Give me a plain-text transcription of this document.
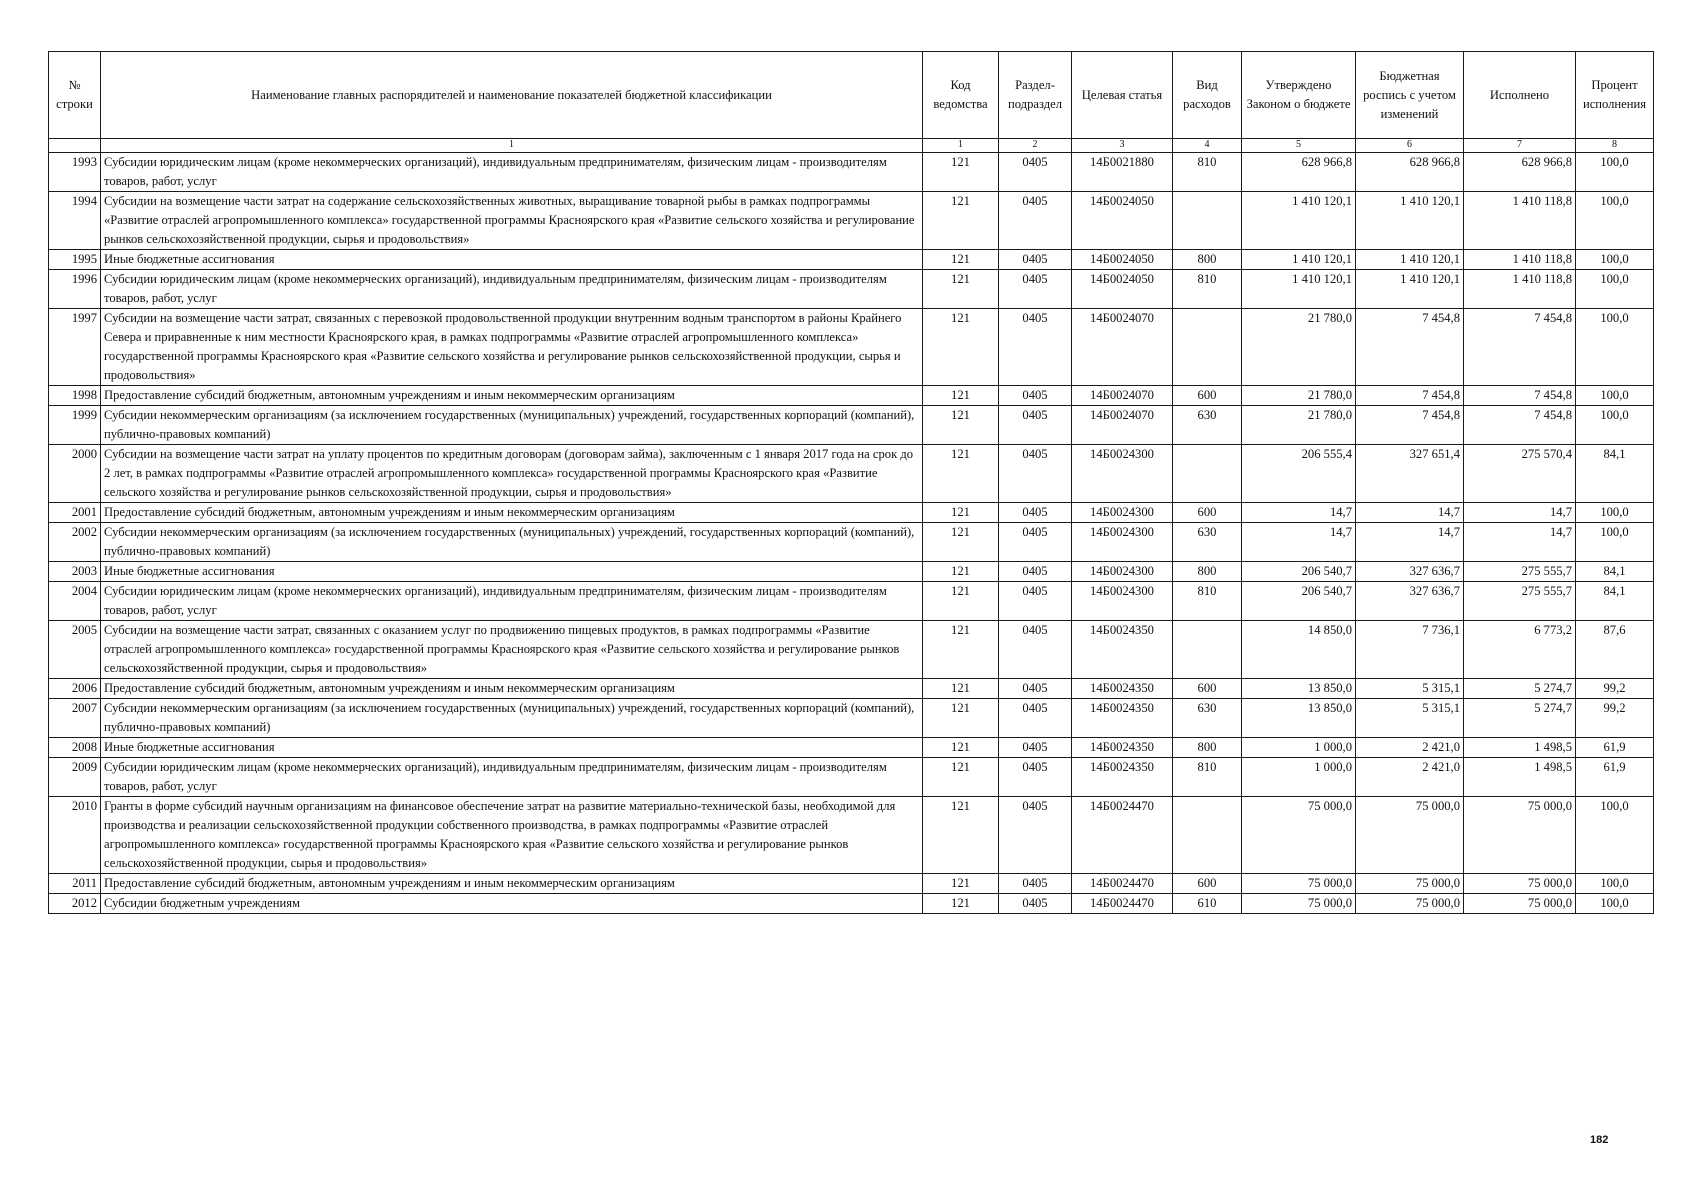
№ строки	Наименование главных распорядителей и наименование показателей бюджетной классификации	Код ведомства	Раздел-подраздел	Целевая статья	Вид расходов	Утверждено Законом о бюджете	Бюджетная роспись с учетом изменений	Исполнено	Процент исполнения
	1	1	2	3	4	5	6	7	8
1993	Субсидии юридическим лицам (кроме некоммерческих организаций), индивидуальным предпринимателям, физическим лицам - производителям товаров, работ, услуг	121	0405	14Б0021880	810	628 966,8	628 966,8	628 966,8	100,0
1994	Субсидии на возмещение части затрат на содержание сельскохозяйственных животных, выращивание товарной рыбы в рамках подпрограммы «Развитие отраслей агропромышленного комплекса» государственной программы Красноярского края «Развитие сельского хозяйства и регулирование рынков сельскохозяйственной продукции, сырья и продовольствия»	121	0405	14Б0024050		1 410 120,1	1 410 120,1	1 410 118,8	100,0
1995	Иные бюджетные ассигнования	121	0405	14Б0024050	800	1 410 120,1	1 410 120,1	1 410 118,8	100,0
1996	Субсидии юридическим лицам (кроме некоммерческих организаций), индивидуальным предпринимателям, физическим лицам - производителям товаров, работ, услуг	121	0405	14Б0024050	810	1 410 120,1	1 410 120,1	1 410 118,8	100,0
1997	Субсидии на возмещение части затрат, связанных с перевозкой продовольственной продукции внутренним водным транспортом в районы Крайнего Севера и приравненные к ним местности Красноярского края, в рамках подпрограммы «Развитие отраслей агропромышленного комплекса» государственной программы Красноярского края «Развитие сельского хозяйства и регулирование рынков сельскохозяйственной продукции, сырья и продовольствия»	121	0405	14Б0024070		21 780,0	7 454,8	7 454,8	100,0
1998	Предоставление субсидий бюджетным, автономным учреждениям и иным некоммерческим организациям	121	0405	14Б0024070	600	21 780,0	7 454,8	7 454,8	100,0
1999	Субсидии некоммерческим организациям (за исключением государственных (муниципальных) учреждений, государственных корпораций (компаний), публично-правовых компаний)	121	0405	14Б0024070	630	21 780,0	7 454,8	7 454,8	100,0
2000	Субсидии на возмещение части затрат на уплату процентов по кредитным договорам (договорам займа), заключенным с 1 января 2017 года на срок до 2 лет, в рамках подпрограммы «Развитие отраслей агропромышленного комплекса» государственной программы Красноярского края «Развитие сельского хозяйства и регулирование рынков сельскохозяйственной продукции, сырья и продовольствия»	121	0405	14Б0024300		206 555,4	327 651,4	275 570,4	84,1
2001	Предоставление субсидий бюджетным, автономным учреждениям и иным некоммерческим организациям	121	0405	14Б0024300	600	14,7	14,7	14,7	100,0
2002	Субсидии некоммерческим организациям (за исключением государственных (муниципальных) учреждений, государственных корпораций (компаний), публично-правовых компаний)	121	0405	14Б0024300	630	14,7	14,7	14,7	100,0
2003	Иные бюджетные ассигнования	121	0405	14Б0024300	800	206 540,7	327 636,7	275 555,7	84,1
2004	Субсидии юридическим лицам (кроме некоммерческих организаций), индивидуальным предпринимателям, физическим лицам - производителям товаров, работ, услуг	121	0405	14Б0024300	810	206 540,7	327 636,7	275 555,7	84,1
2005	Субсидии на возмещение части затрат, связанных с оказанием услуг по продвижению пищевых продуктов, в рамках подпрограммы «Развитие отраслей агропромышленного комплекса» государственной программы Красноярского края «Развитие сельского хозяйства и регулирование рынков сельскохозяйственной продукции, сырья и продовольствия»	121	0405	14Б0024350		14 850,0	7 736,1	6 773,2	87,6
2006	Предоставление субсидий бюджетным, автономным учреждениям и иным некоммерческим организациям	121	0405	14Б0024350	600	13 850,0	5 315,1	5 274,7	99,2
2007	Субсидии некоммерческим организациям (за исключением государственных (муниципальных) учреждений, государственных корпораций (компаний), публично-правовых компаний)	121	0405	14Б0024350	630	13 850,0	5 315,1	5 274,7	99,2
2008	Иные бюджетные ассигнования	121	0405	14Б0024350	800	1 000,0	2 421,0	1 498,5	61,9
2009	Субсидии юридическим лицам (кроме некоммерческих организаций), индивидуальным предпринимателям, физическим лицам - производителям товаров, работ, услуг	121	0405	14Б0024350	810	1 000,0	2 421,0	1 498,5	61,9
2010	Гранты в форме субсидий научным организациям на финансовое обеспечение затрат на развитие материально-технической базы, необходимой для производства и реализации сельскохозяйственной продукции собственного производства, в рамках подпрограммы «Развитие отраслей агропромышленного комплекса» государственной программы Красноярского края «Развитие сельского хозяйства и регулирование рынков сельскохозяйственной продукции, сырья и продовольствия»	121	0405	14Б0024470		75 000,0	75 000,0	75 000,0	100,0
2011	Предоставление субсидий бюджетным, автономным учреждениям и иным некоммерческим организациям	121	0405	14Б0024470	600	75 000,0	75 000,0	75 000,0	100,0
2012	Субсидии бюджетным учреждениям	121	0405	14Б0024470	610	75 000,0	75 000,0	75 000,0	100,0
182
